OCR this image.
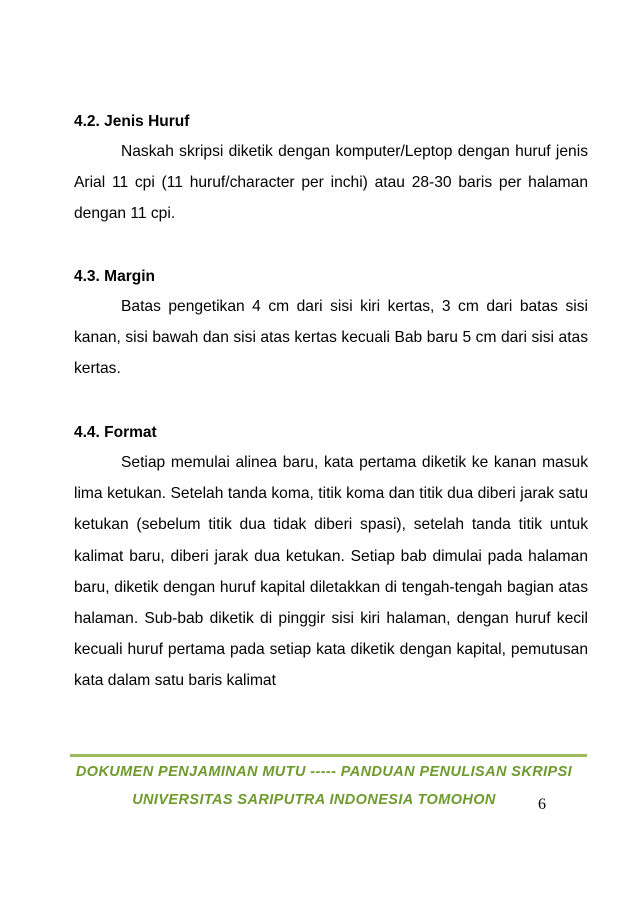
4.2. Jenis Huruf

Naskah skripsi diketik dengan komputer/Leptop dengan huruf jenis Arial 11 cpi (11 huruf/character per inchi) atau 28-30 baris per halaman dengan 11 cpi.

4.3. Margin

Batas pengetikan 4 cm dari sisi kiri kertas, 3 cm dari batas sisi kanan, sisi bawah dan sisi atas kertas kecuali Bab baru 5 cm dari sisi atas kertas.

4.4. Format

Setiap memulai alinea baru, kata pertama diketik ke kanan masuk lima ketukan. Setelah tanda koma, titik koma dan titik dua diberi jarak satu ketukan (sebelum titik dua tidak diberi spasi), setelah tanda titik untuk kalimat baru, diberi jarak dua ketukan. Setiap bab dimulai pada halaman baru, diketik dengan huruf kapital diletakkan di tengah-tengah bagian atas halaman. Sub-bab diketik di pinggir sisi kiri halaman, dengan huruf kecil kecuali huruf pertama pada setiap kata diketik dengan kapital, pemutusan kata dalam satu baris kalimat

DOKUMEN PENJAMINAN MUTU ----- PANDUAN PENULISAN SKRIPSI
UNIVERSITAS SARIPUTRA INDONESIA TOMOHON	6
